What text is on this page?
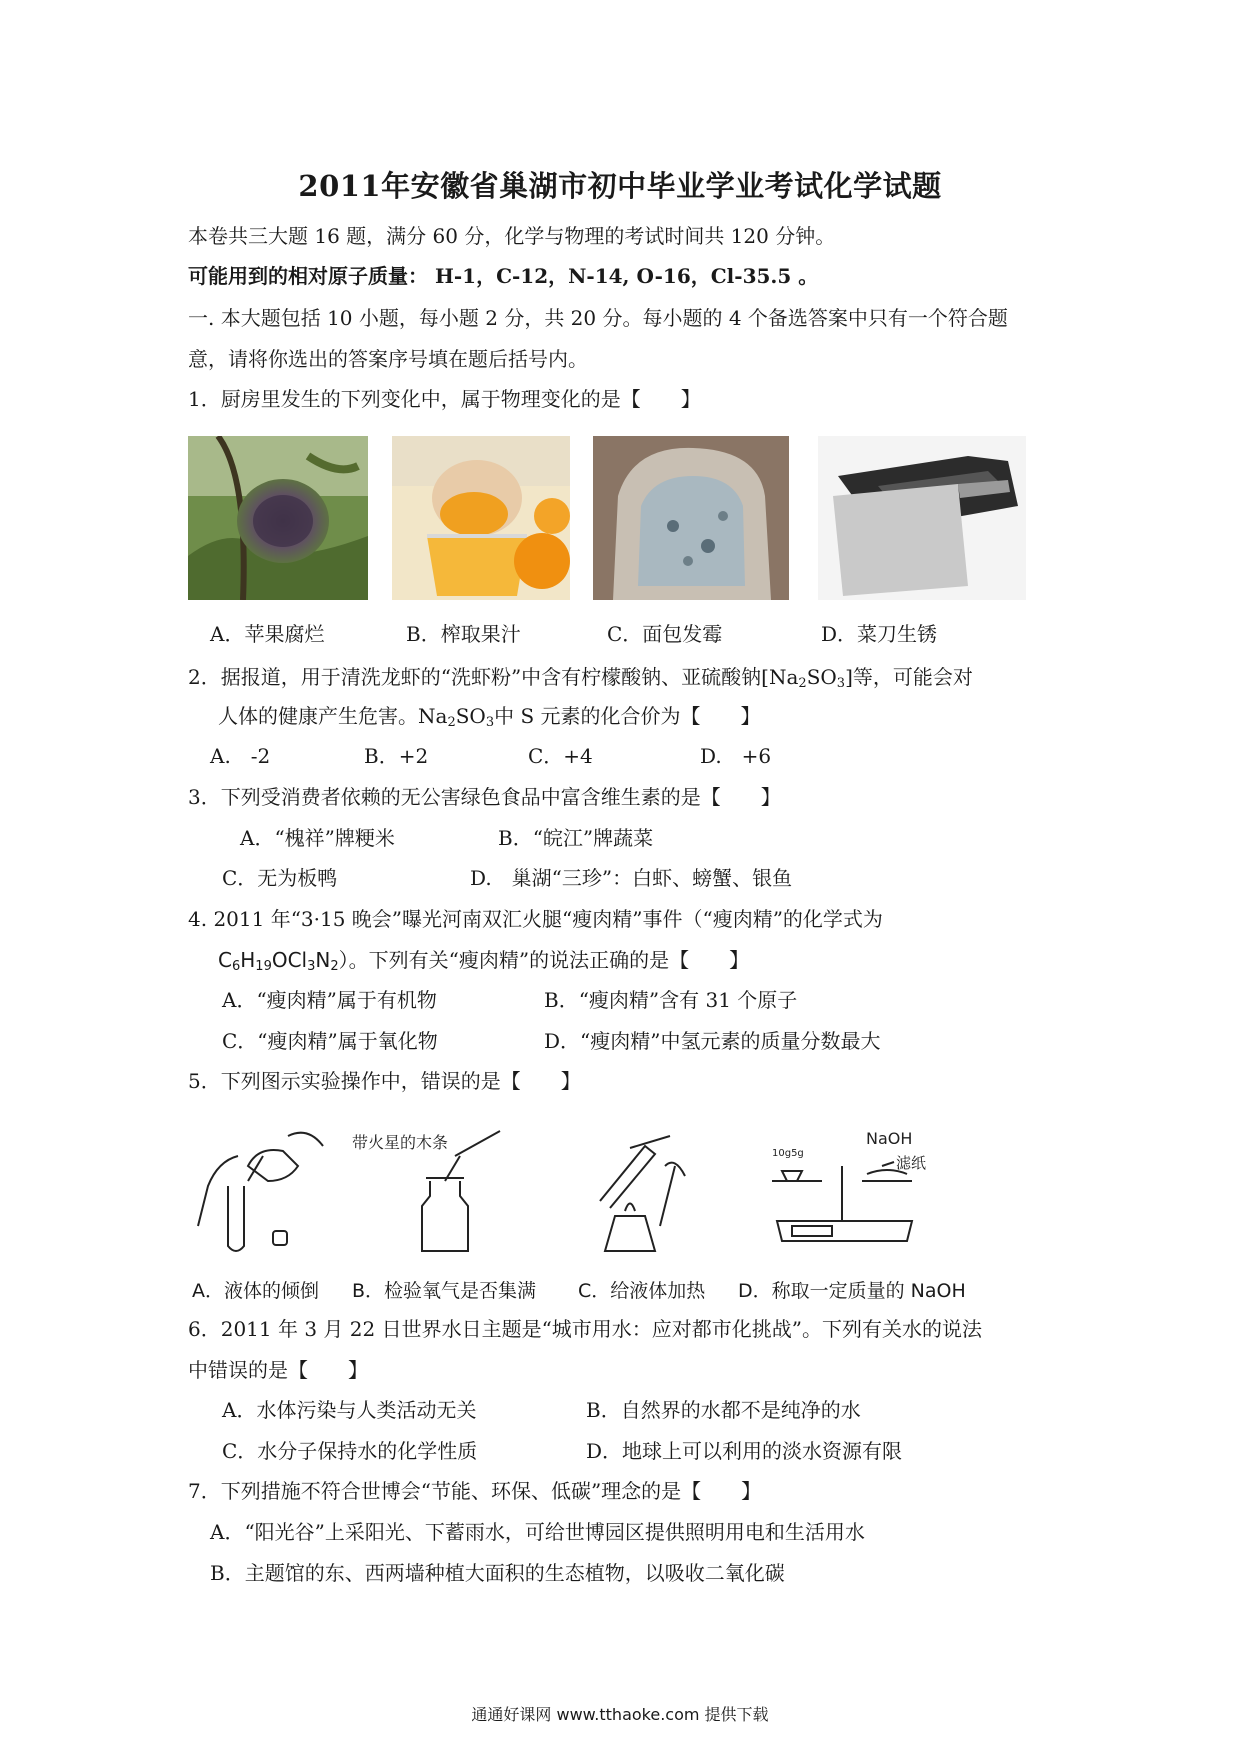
2011年安徽省巢湖市初中毕业学业考试化学试题
本卷共三大题 16 题，满分 60 分，化学与物理的考试时间共 120 分钟。
可能用到的相对原子质量： H-1，C-12，N-14, O-16，Cl-35.5 。
一. 本大题包括 10 小题，每小题 2 分，共 20 分。每小题的 4 个备选答案中只有一个符合题
意，请将你选出的答案序号填在题后括号内。
1．厨房里发生的下列变化中，属于物理变化的是【　　】
A．苹果腐烂	B．榨取果汁	C．面包发霉	D．菜刀生锈
2．据报道，用于清洗龙虾的“洗虾粉”中含有柠檬酸钠、亚硫酸钠$[Na_2SO_3]$等，可能会对
人体的健康产生危害。$Na_2SO_3$中 S 元素的化合价为【　　】
A.　-2	B．+2	C．+4	D.　+6
3．下列受消费者依赖的无公害绿色食品中富含维生素的是【　　】
A．“槐祥”牌粳米	B．“皖江”牌蔬菜
C．无为板鸭	D.　巢湖“三珍”：白虾、螃蟹、银鱼
4. 2011 年“3·15 晚会”曝光河南双汇火腿“瘦肉精”事件（“瘦肉精”的化学式为
$C_6H_{19}OCl_3N_2$）。下列有关“瘦肉精”的说法正确的是【　　】
A．“瘦肉精”属于有机物	B．“瘦肉精”含有 31 个原子
C．“瘦肉精”属于氧化物	D．“瘦肉精”中氢元素的质量分数最大
5．下列图示实验操作中，错误的是【　　】
带火星的木条
10g5g
NaOH
滤纸
A．液体的倾倒 B．检验氧气是否集满 C．给液体加热 D．称取一定质量的 NaOH
6．2011 年 3 月 22 日世界水日主题是“城市用水：应对都市化挑战”。下列有关水的说法
中错误的是【　　】
A．水体污染与人类活动无关	B．自然界的水都不是纯净的水
C．水分子保持水的化学性质	D．地球上可以利用的淡水资源有限
7．下列措施不符合世博会“节能、环保、低碳”理念的是【　　】
A．“阳光谷”上采阳光、下蓄雨水，可给世博园区提供照明用电和生活用水
B．主题馆的东、西两墙种植大面积的生态植物，以吸收二氧化碳
通通好课网 www.tthaoke.com 提供下载
